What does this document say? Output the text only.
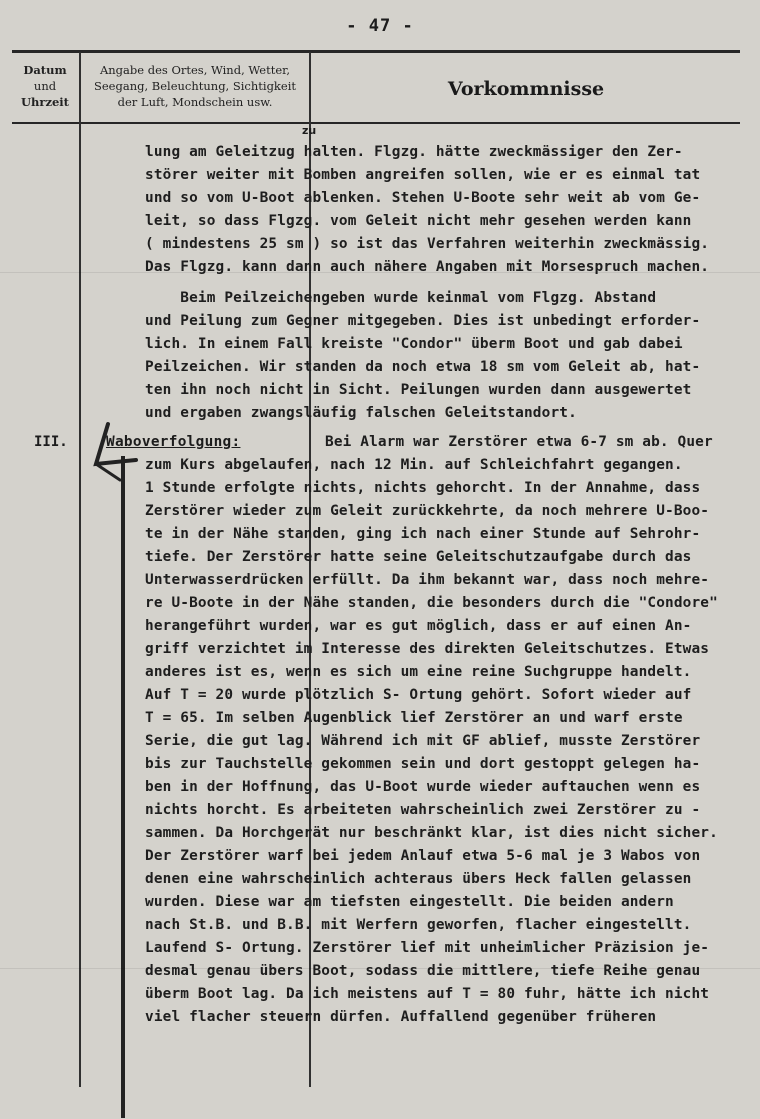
- 47 -
Datum
und
Uhrzeit
Angabe des Ortes, Wind, Wetter,
Seegang, Beleuchtung, Sichtigkeit
der Luft, Mondschein usw.
Vorkommnisse
zu
lung am Geleitzug halten. Flgzg. hätte zweckmässiger den Zer-
störer weiter mit Bomben angreifen sollen, wie er es einmal tat
und so vom U-Boot ablenken. Stehen U-Boote sehr weit ab vom Ge-
leit, so dass Flgzg. vom Geleit nicht mehr gesehen werden kann
( mindestens 25 sm ) so ist das Verfahren weiterhin zweckmässig.
Das Flgzg. kann dann auch nähere Angaben mit Morsespruch machen.
Beim Peilzeichengeben wurde keinmal vom Flgzg. Abstand
und Peilung zum Gegner mitgegeben. Dies ist unbedingt erforder-
lich. In einem Fall kreiste "Condor" überm Boot und gab dabei
Peilzeichen. Wir standen da noch etwa 18 sm vom Geleit ab, hat-
ten ihn noch nicht in Sicht. Peilungen wurden dann ausgewertet
und ergaben zwangsläufig falschen Geleitstandort.
III.	Waboverfolgung:	Bei Alarm war Zerstörer etwa 6-7 sm ab. Quer
zum Kurs abgelaufen, nach 12 Min. auf Schleichfahrt gegangen.
1 Stunde erfolgte nichts, nichts gehorcht. In der Annahme, dass
Zerstörer wieder zum Geleit zurückkehrte, da noch mehrere U-Boo-
te in der Nähe standen, ging ich nach einer Stunde auf Sehrohr-
tiefe. Der Zerstörer hatte seine Geleitschutzaufgabe durch das
Unterwasserdrücken erfüllt. Da ihm bekannt war, dass noch mehre-
re U-Boote in der Nähe standen, die besonders durch die "Condore"
herangeführt wurden, war es gut möglich, dass er auf einen An-
griff verzichtet im Interesse des direkten Geleitschutzes. Etwas
anderes ist es, wenn es sich um eine reine Suchgruppe handelt.
Auf T = 20 wurde plötzlich S- Ortung gehört. Sofort wieder auf
T = 65. Im selben Augenblick lief Zerstörer an und warf erste
Serie, die gut lag. Während ich mit GF ablief, musste Zerstörer
bis zur Tauchstelle gekommen sein und dort gestoppt gelegen ha-
ben in der Hoffnung, das U-Boot wurde wieder auftauchen wenn es
nichts horcht. Es arbeiteten wahrscheinlich zwei Zerstörer zu -
sammen. Da Horchgerät nur beschränkt klar, ist dies nicht sicher.
Der Zerstörer warf bei jedem Anlauf etwa 5-6 mal je 3 Wabos von
denen eine wahrscheinlich achteraus übers Heck fallen gelassen
wurden. Diese war am tiefsten eingestellt. Die beiden andern
nach St.B. und B.B. mit Werfern geworfen, flacher eingestellt.
Laufend S- Ortung. Zerstörer lief mit unheimlicher Präzision je-
desmal genau übers Boot, sodass die mittlere, tiefe Reihe genau
überm Boot lag. Da ich meistens auf T = 80 fuhr, hätte ich nicht
viel flacher steuern dürfen. Auffallend gegenüber früheren
